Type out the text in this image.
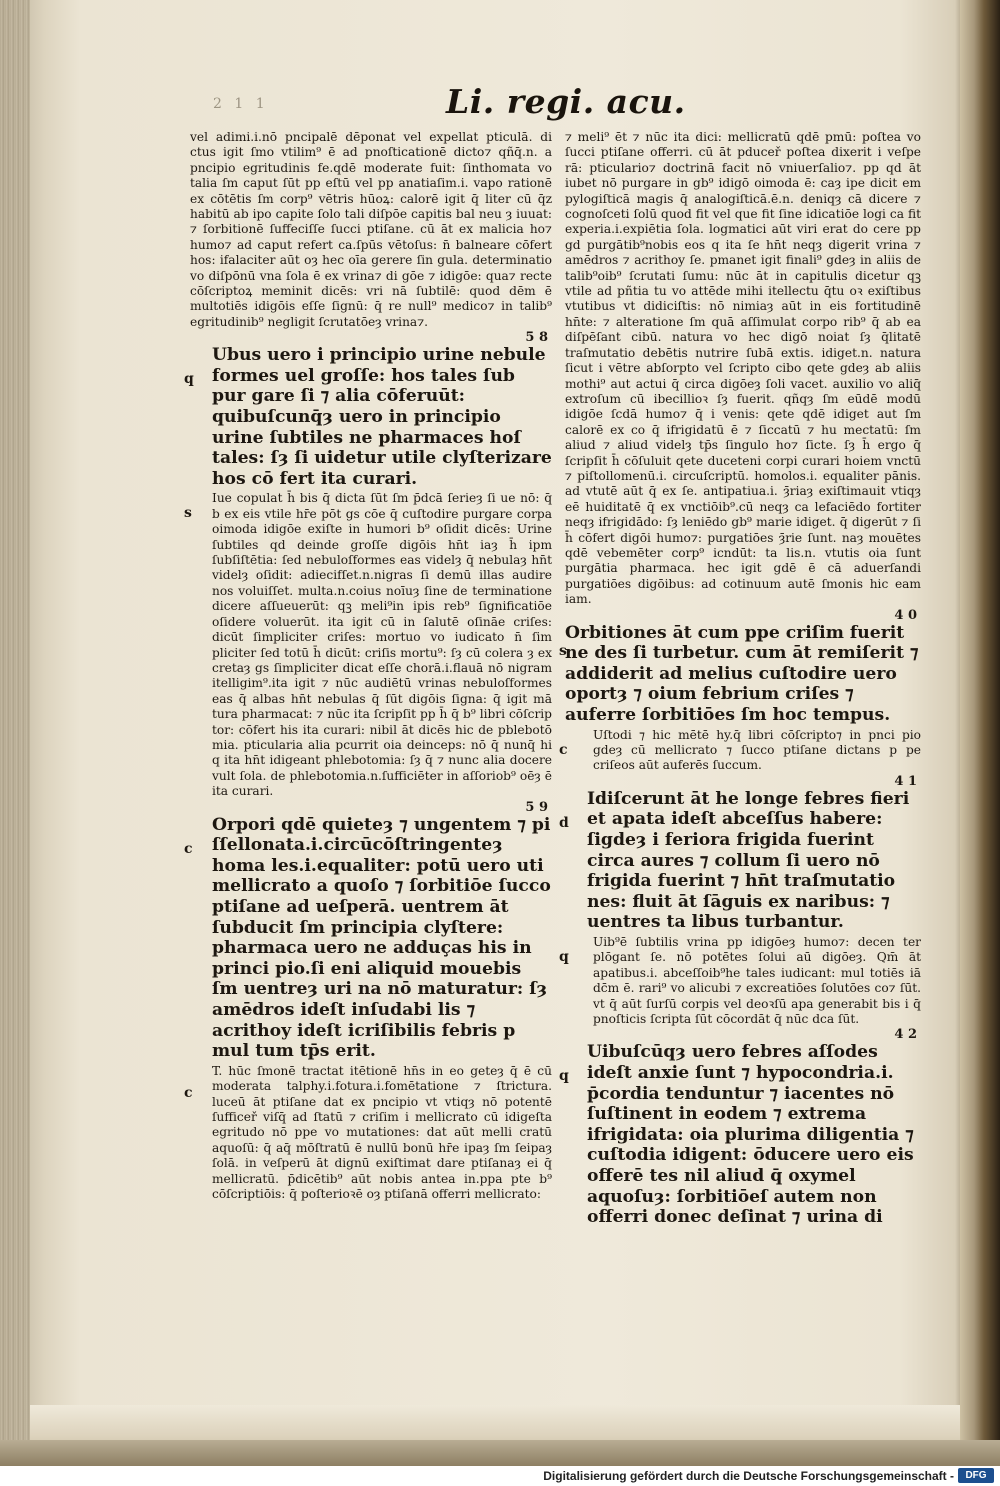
2 1 1	Li. regi. acu.

vel adimi.i.nō pncipalē dēponat vel expellat pticulā. di ctus igit ſmo vtilim⁹ ē ad pnoſticationē dicto⁊ qñq̄.n. a pncipio egritudinis fe.qdē moderate fuit: ſinthomata vo talia ſm caput ſūt pp eſtū vel pp anatiaſim.i. vapo rationē ex cōtētis ſm corp⁹ vētris hūoꝝ: calorē igit q̄ liter cū q̄z habitū ab ipo capite ſolo tali diſpōe capitis bal neu ȝ iuuat: ⁊ ſorbitionē ſuffeciſſe ſucci ptiſane. cū āt ex malicia ho⁊ humo⁊ ad caput refert ca.ſpūs vētoſus: n̄ balneare cōfert hos: ifalaciter aūt oȝ hec oīa gerere ſin gula. determinatio vo diſpōnū vna ſola ē ex vrina⁊ di gōe ⁊ idigōe: qua⁊ recte cōſcriptoꝝ meminit dicēs: vri nā ſubtilē: quod dēm ē multotiēs idigōis eſſe ſignū: q̄ re null⁹ medico⁊ in talib⁹ egritudinib⁹ negligit ſcrutatōeȝ vrina⁊.

5 8

q
Ubus uero i principio urine nebule formes uel groſſe: hos tales ſub pur gare ſi ⁊ alia cōferuūt: quibuſcunq̄ȝ uero in principio urine ſubtiles ne pharmaces hoſ tales: ſȝ ſi uidetur utile clyſterizare hos cō fert ita curari.

s
Iue copulat h̄ bis q̄ dicta ſūt ſm p̄dcā ſerieȝ ſi ue nō: q̄ b ex eis vtile hr̄e pōt gs cōe q̄ cuſtodire purgare corpa oimoda idigōe exiſte in humori b⁹ oſidit dicēs: Urine ſubtiles qd deinde groſſe digōis hn̄t iaȝ h̄ ipm ſubſiſtētia: ſed nebuloſformes eas videlȝ q̄ nebulaȝ hn̄t videlȝ oſidit: adiecifſet.n.nigras ſi demū illas audire nos voluiſſet. multa.n.coius noīuȝ ſine de terminatione dicere aſſueuerūt: qꝫ meli⁹in ipis reb⁹ ſignificatiōe oſidere voluerūt. ita igit cū in ſalutē oſināe criſes: dicūt ſimpliciter criſes: mortuo vo iudicato n̄ ſim pliciter ſed totū h̄ dicūt: criſis mortu⁹: ſȝ cū colera ȝ ex cretaȝ gs ſimpliciter dicat eſſe chorā.i.flauā nō nigram itelligim⁹.ita igit ⁊ nūc audiētū vrinas nebuloſformes eas q̄ albas hn̄t nebulas q̄ ſūt digōis ſigna: q̄ igit mā tura pharmacat: ⁊ nūc ita ſcripſit pp h̄ q̄ b⁹ libri cōſcrip tor: cōfert his ita curari: nibil āt dicēs hic de pblebotō mia. pticularia alia pcurrit oia deinceps: nō q̄ nunq̄ hi q ita hn̄t idigeant phlebotomia: ſȝ q̄ ⁊ nunc alia docere vult ſola. de phlebotomia.n.ſufficiēter in aſſoriob⁹ oēȝ ē ita curari.

5 9

c
Orpori qdē quieteȝ ⁊ ungentem ⁊ pi ſſellonata.i.circūcōſtringenteȝ homa les.i.equaliter: potū uero uti mellicrato a quoſo ⁊ ſorbitiōe ſucco ptiſane ad ueſperā. uentrem āt ſubducit ſm principia clyſtere: pharmaca uero ne adduças his in princi pio.ſi eni aliquid mouebis ſm uentreȝ uri na nō maturatur: ſȝ amēdros ideſt inſudabi lis ⁊ acrithoy ideſt icriſibilis febris p mul tum tp̄s erit.

c
T. hūc ſmonē tractat itētionē hn̄s in eo geteȝ q̄ ē cū moderata talphy.i.fotura.i.fomētatione ⁊ ſtrictura. luceū āt ptiſane dat ex pncipio vt vtiqȝ nō potentē ſufficeř viſq̄ ad ſtatū ⁊ criſim i mellicrato cū idigeſta egritudo nō ppe vo mutationes: dat aūt melli cratū aquoſū: q̄ aq̄ mōſtratū ē nullū bonū hr̄e ipaȝ ſm ſeipaȝ ſolā. in veſperū āt dignū exiſtimat dare ptiſanaȝ ei q̄ mellicratū. p̄dicētib⁹ aūt nobis antea in.ppa pte b⁹ cōſcriptiōis: q̄ poſterioꝛē oȝ ptiſanā offerri mellicrato:

⁊ meli⁹ ēt ⁊ nūc ita dici: mellicratū qdē pmū: poſtea vo ſucci ptiſane offerri. cū āt pduceř poſtea dixerit i veſpe rā: pticulario⁊ doctrinā facit nō vniuerſalio⁊. pp qd āt iubet nō purgare in gb⁹ idigō oimoda ē: caȝ ipe dicit em pylogiſticā magis q̄ analogiſticā.ē.n. deniqȝ cā dicere ⁊ cognoſceti ſolū quod fit vel que fit ſine idicatiōe logi ca fit experia.i.expiētia ſola. logmatici aūt viri erat do cere pp gd purgātib⁹nobis eos q ita ſe hn̄t neqȝ digerit vrina ⁊ amēdros ⁊ acrithoy ſe. pmanet igit finali⁹ gdeȝ in aliis de talib⁹oib⁹ ſcrutati ſumu: nūc āt in capitulis dicetur qꝫ vtile ad pñtia tu vo attēde mihi itellectu q̄tu oꝛ exiſtibus vtutibus vt didiciſtis: nō nimiaȝ aūt in eis fortitudinē hn̄te: ⁊ alteratione ſm quā aſſimulat corpo rib⁹ q̄ ab ea diſpēſant cibū. natura vo hec digō noiat ſȝ q̄litatē traſmutatio debētis nutrire ſubā extis. idiget.n. natura ſicut i vētre abſorpto vel ſcripto cibo qete gdeȝ ab aliis mothi⁹ aut actui q̄ circa digōeȝ ſoli vacet. auxilio vo aliq̄ extroſum cū ibecillioꝛ ſȝ fuerit. qñqȝ ſm eūdē modū idigōe ſcdā humo⁊ q̄ i venis: qete qdē idiget aut ſm calorē ex co q̄ ifrigidatū ē ⁊ ſiccatū ⁊ hu mectatū: ſm aliud ⁊ aliud videlȝ tp̄s ſingulo ho⁊ ſicte. ſȝ h̄ ergo q̄ ſcripſit h̄ cōſuluit qete duceteni corpi curari hoiem vnctū ⁊ piſtollomenū.i. circuſcriptū. homolos.i. equaliter pānis. ad vtutē aūt q̄ ex ſe. antipatiua.i. ȝ̄riaȝ exiſtimauit vtiqȝ eē huiditatē q̄ ex vnctiōib⁹.cū neqȝ ca lefaciēdo fortiter neqȝ ifrigidādo: ſȝ leniēdo gb⁹ marie idiget. q̄ digerūt ⁊ ſi h̄ cōfert digōi humo⁊: purgatiōes ȝ̄rie ſunt. naȝ mouētes qdē vebemēter corp⁹ icndūt: ta lis.n. vtutis oia ſunt purgātia pharmaca. hec igit gdē ē cā aduerſandi purgatiōes digōibus: ad cotinuum autē ſmonis hic eam iam.

4 0

s
Orbitiones āt cum ppe criſim fuerit ne des ſi turbetur. cum āt remiſerit ⁊ addiderit ad melius cuſtodire uero oportȝ ⁊ oium febrium criſes ⁊ auferre ſorbitiōes ſm hoc tempus.

c
Uſtodi ⁊ hic mētē hy.q̄ libri cōſcripto⁊ in pnci pio gdeȝ cū mellicrato ⁊ ſucco ptiſane dictans p pe criſeos aūt auferēs ſuccum.

4 1

d
Idiſcerunt āt he longe febres fieri et apata ideſt abceſſus habere: ſigdeȝ i feriora frigida fuerint circa aures ⁊ collum ſi uero nō frigida fuerint ⁊ hn̄t traſmutatio nes: fluit āt ſāguis ex naribus: ⁊ uentres ta libus turbantur.

q
Uib⁹ē ſubtilis vrina pp idigōeȝ humo⁊: decen ter plōgant ſe. nō potētes ſolui aū digōeȝ. Qm̄ āt apatibus.i. abceſſoib⁹he tales iudicant: mul totiēs iā dc̄m ē. rari⁹ vo alicubi ⁊ excreatiōes ſolutōes co⁊ ſūt. vt q̄ aūt ſurſū corpis vel deoꝛſū apa generabit bis i q̄ pnoſticis ſcripta ſūt cōcordāt q̄ nūc dca ſūt.

4 2

q
Uibuſcūqȝ uero febres aſſodes ideſt anxie ſunt ⁊ hypocondria.i. p̄cordia tenduntur ⁊ iacentes nō ſuſtinent in eodem ⁊ extrema ifrigidata: oia plurima diligentia ⁊ cuſtodia idigent: ōducere uero eis offerē tes nil aliud q̄ oxymel aquoſuȝ: ſorbitiōeſ autem non offerri donec deſinat ⁊ urina di

Digitalisierung gefördert durch die Deutsche Forschungsgemeinschaft -	DFG
